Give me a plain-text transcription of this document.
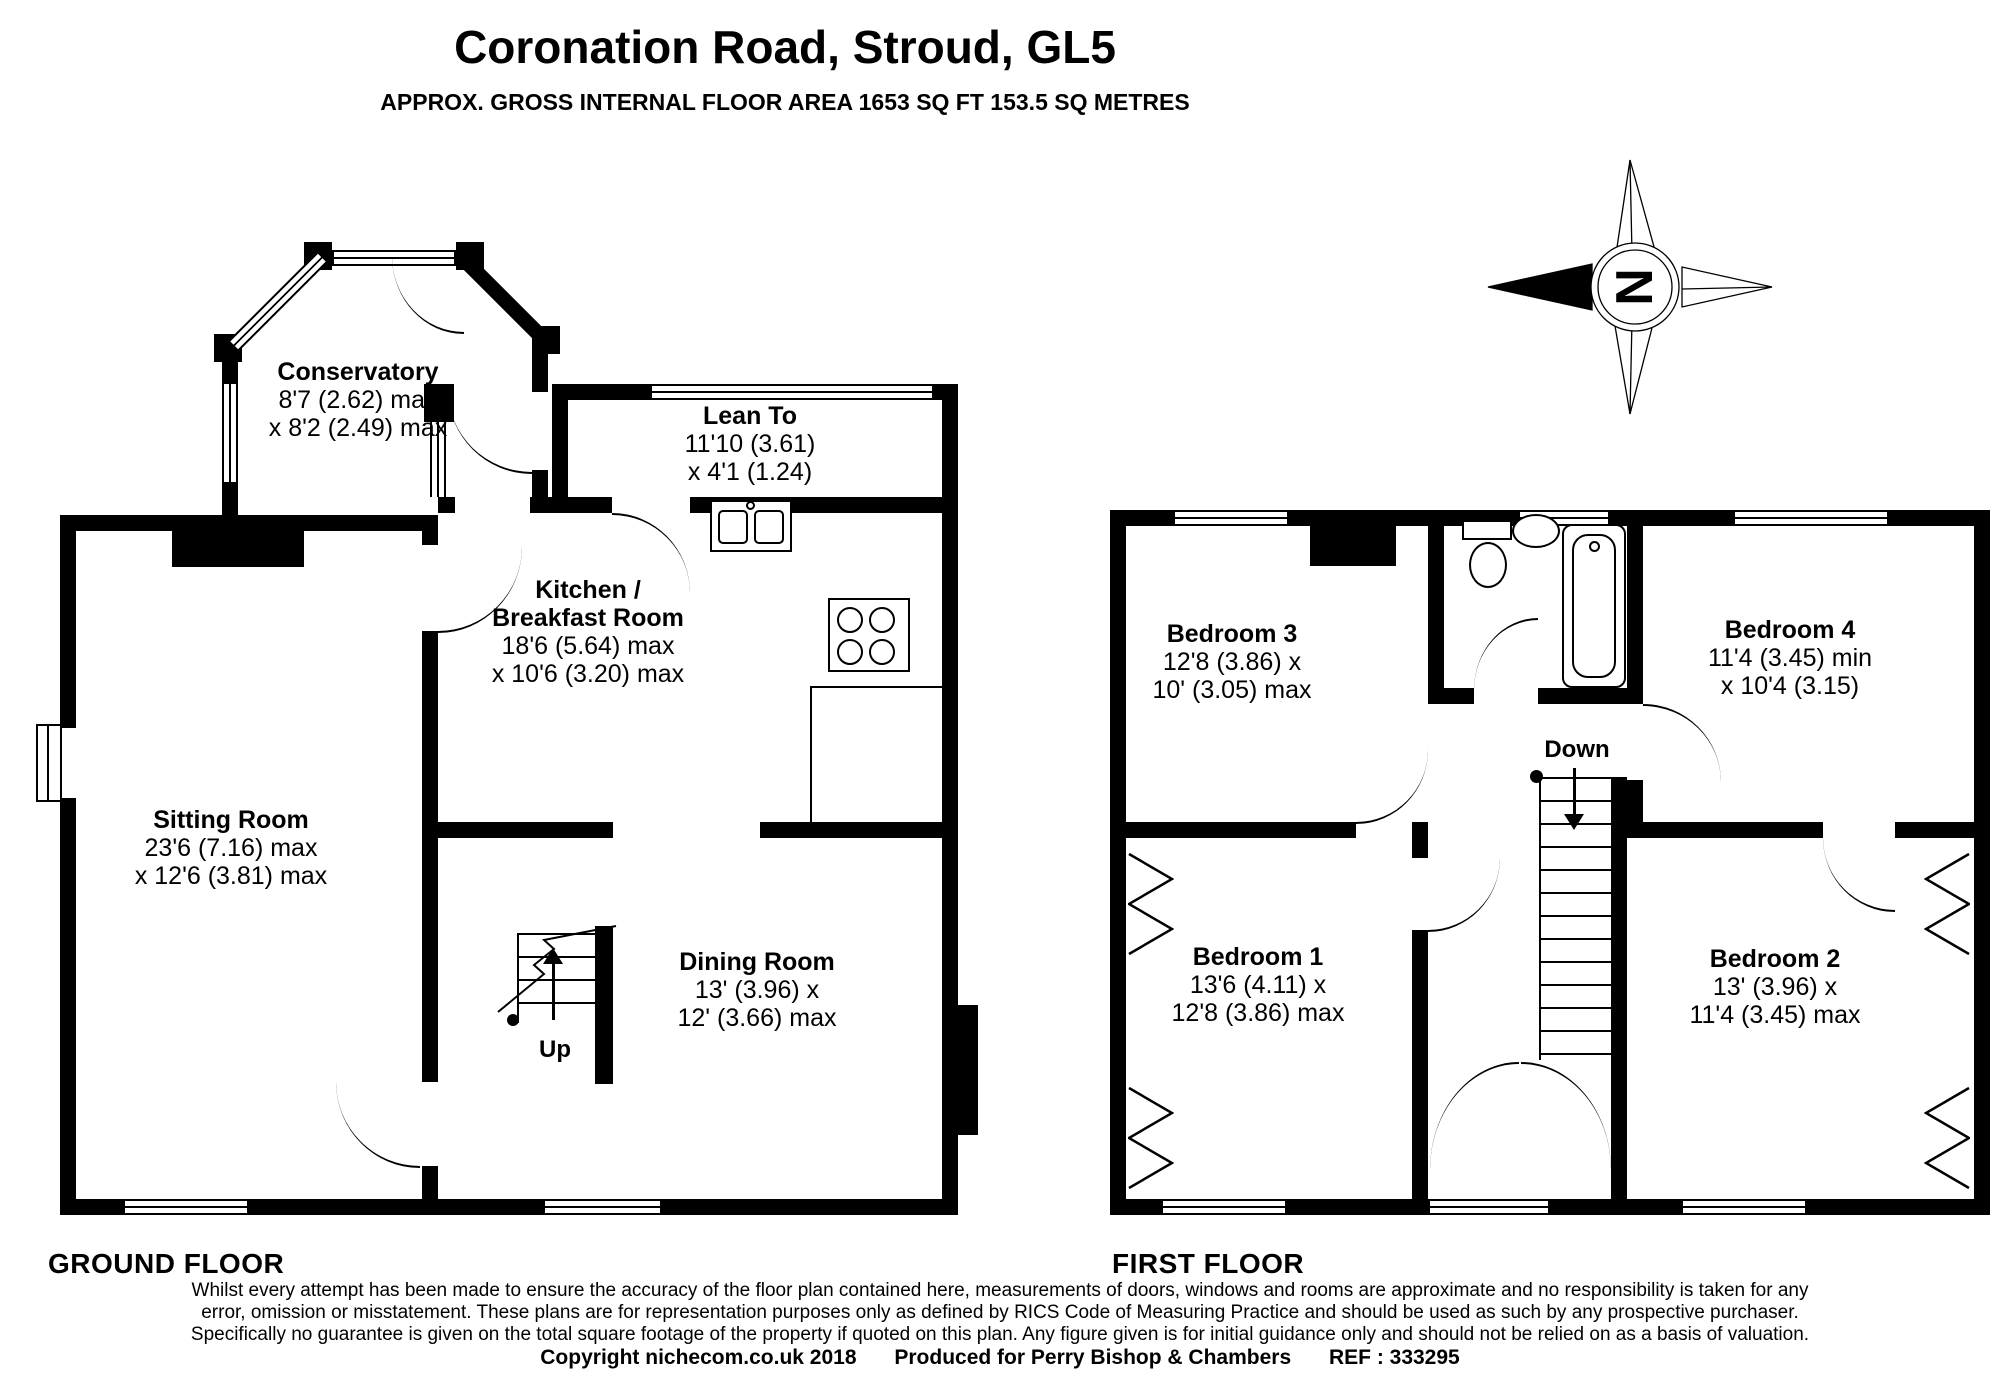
Coronation Road, Stroud, GL5
APPROX. GROSS INTERNAL FLOOR AREA 1653 SQ FT 153.5 SQ METRES
N
Up
Conservatory
8'7 (2.62) max
x 8'2 (2.49) max	Lean To
11'10 (3.61)
x 4'1 (1.24)
Kitchen /
Breakfast Room
18'6 (5.64) max
x 10'6 (3.20) max
Sitting Room
23'6 (7.16) max
x 12'6 (3.81) max
Dining Room
13' (3.96) x
12' (3.66) max
Down
Bedroom 3
12'8 (3.86) x
10' (3.05) max
Bedroom 4
11'4 (3.45) min
x 10'4 (3.15)
Bedroom 1
13'6 (4.11) x
12'8 (3.86) max
Bedroom 2
13' (3.96) x
11'4 (3.45) max
GROUND FLOOR	FIRST FLOOR
Whilst every attempt has been made to ensure the accuracy of the floor plan contained here, measurements of doors, windows and rooms are approximate and no responsibility is taken for any
error, omission or misstatement. These plans are for representation purposes only as defined by RICS Code of Measuring Practice and should be used as such by any prospective purchaser.
Specifically no guarantee is given on the total square footage of the property if quoted on this plan. Any figure given is for initial guidance only and should not be relied on as a basis of valuation.
Copyright nichecom.co.uk 2018 Produced for Perry Bishop & Chambers REF : 333295
